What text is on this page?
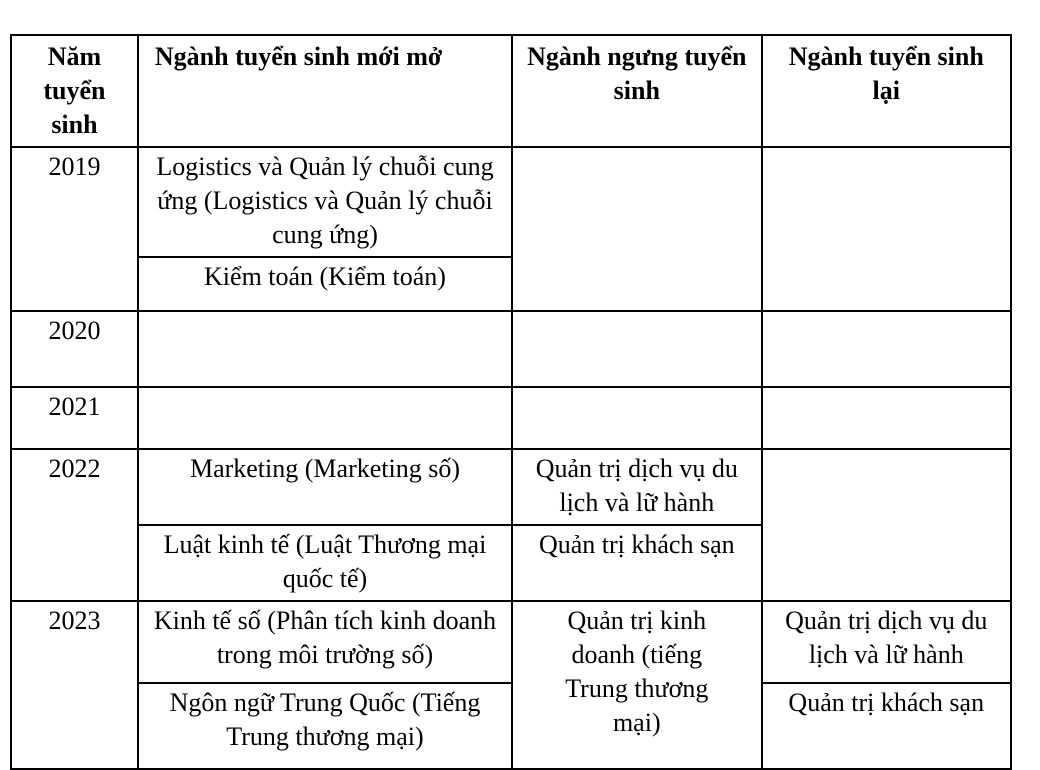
Năm tuyển sinh	Ngành tuyển sinh mới mở	Ngành ngưng tuyển sinh	Ngành tuyển sinh lại
2019	Logistics và Quản lý chuỗi cung ứng (Logistics và Quản lý chuỗi cung ứng)		

	Kiểm toán (Kiểm toán)		

2020			
2021			
2022	Marketing (Marketing số)	Quản trị dịch vụ du lịch và lữ hành	

	Luật kinh tế (Luật Thương mại quốc tế)	Quản trị khách sạn	

2023	Kinh tế số (Phân tích kinh doanh trong môi trường số)	Quản trị kinh doanh (tiếng Trung thương mại)	Quản trị dịch vụ du lịch và lữ hành

	Ngôn ngữ Trung Quốc (Tiếng Trung thương mại)		Quản trị khách sạn
